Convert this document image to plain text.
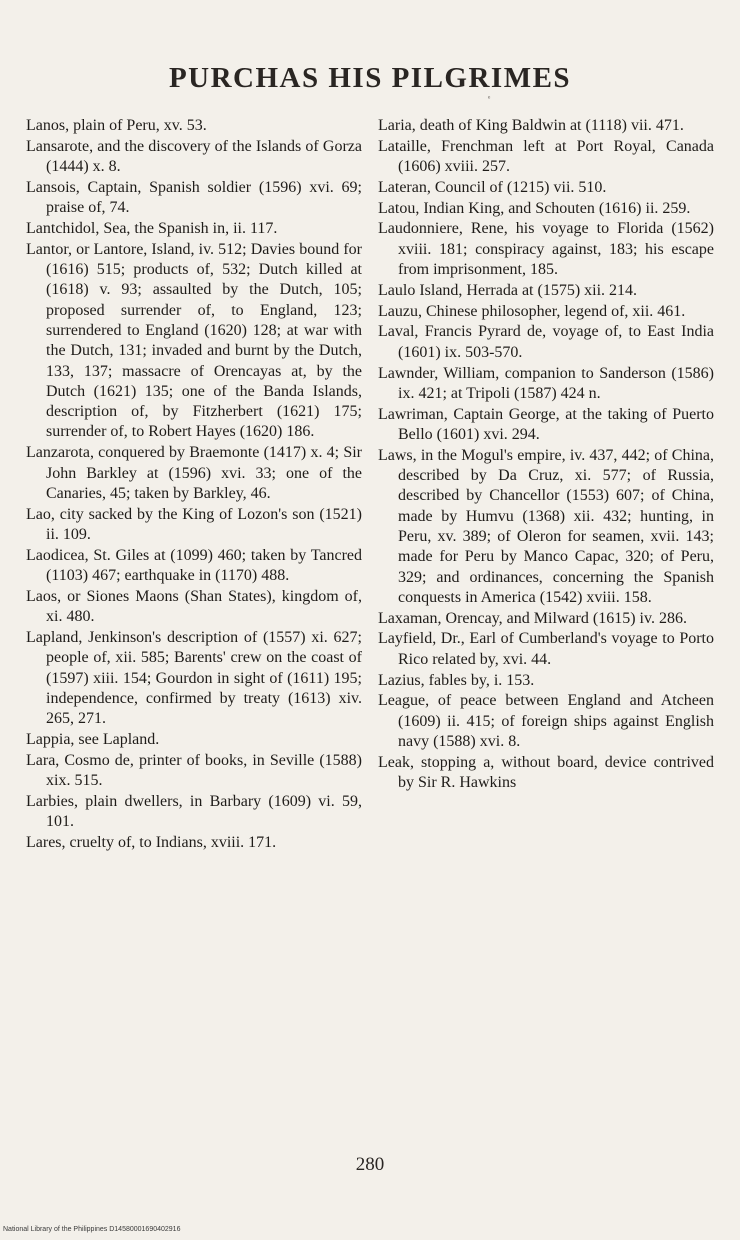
PURCHAS HIS PILGRIMES
ᵉ

Lanos, plain of Peru, xv. 53.

Lansarote, and the discovery of the Islands of Gorza (1444) x. 8.

Lansois, Captain, Spanish soldier (1596) xvi. 69; praise of, 74.

Lantchidol, Sea, the Spanish in, ii. 117.

Lantor, or Lantore, Island, iv. 512; Davies bound for (1616) 515; products of, 532; Dutch killed at (1618) v. 93; assaulted by the Dutch, 105; proposed surrender of, to England, 123; surrendered to England (1620) 128; at war with the Dutch, 131; invaded and burnt by the Dutch, 133, 137; massacre of Orencayas at, by the Dutch (1621) 135; one of the Banda Islands, description of, by Fitzherbert (1621) 175; surrender of, to Robert Hayes (1620) 186.

Lanzarota, conquered by Braemonte (1417) x. 4; Sir John Barkley at (1596) xvi. 33; one of the Canaries, 45; taken by Barkley, 46.

Lao, city sacked by the King of Lozon's son (1521) ii. 109.

Laodicea, St. Giles at (1099) 460; taken by Tancred (1103) 467; earthquake in (1170) 488.

Laos, or Siones Maons (Shan States), kingdom of, xi. 480.

Lapland, Jenkinson's description of (1557) xi. 627; people of, xii. 585; Barents' crew on the coast of (1597) xiii. 154; Gourdon in sight of (1611) 195; independence, confirmed by treaty (1613) xiv. 265, 271.

Lappia, see Lapland.

Lara, Cosmo de, printer of books, in Seville (1588) xix. 515.

Larbies, plain dwellers, in Barbary (1609) vi. 59, 101.

Lares, cruelty of, to Indians, xviii. 171.

Laria, death of King Baldwin at (1118) vii. 471.

Lataille, Frenchman left at Port Royal, Canada (1606) xviii. 257.

Lateran, Council of (1215) vii. 510.

Latou, Indian King, and Schouten (1616) ii. 259.

Laudonniere, Rene, his voyage to Florida (1562) xviii. 181; conspiracy against, 183; his escape from imprisonment, 185.

Laulo Island, Herrada at (1575) xii. 214.

Lauzu, Chinese philosopher, legend of, xii. 461.

Laval, Francis Pyrard de, voyage of, to East India (1601) ix. 503-570.

Lawnder, William, companion to Sanderson (1586) ix. 421; at Tripoli (1587) 424 n.

Lawriman, Captain George, at the taking of Puerto Bello (1601) xvi. 294.

Laws, in the Mogul's empire, iv. 437, 442; of China, described by Da Cruz, xi. 577; of Russia, described by Chancellor (1553) 607; of China, made by Humvu (1368) xii. 432; hunting, in Peru, xv. 389; of Oleron for seamen, xvii. 143; made for Peru by Manco Capac, 320; of Peru, 329; and ordinances, concerning the Spanish conquests in America (1542) xviii. 158.

Laxaman, Orencay, and Milward (1615) iv. 286.

Layfield, Dr., Earl of Cumberland's voyage to Porto Rico related by, xvi. 44.

Lazius, fables by, i. 153.

League, of peace between England and Atcheen (1609) ii. 415; of foreign ships against English navy (1588) xvi. 8.

Leak, stopping a, without board, device contrived by Sir R. Hawkins

280
National Library of the Philippines D14580001690402916
